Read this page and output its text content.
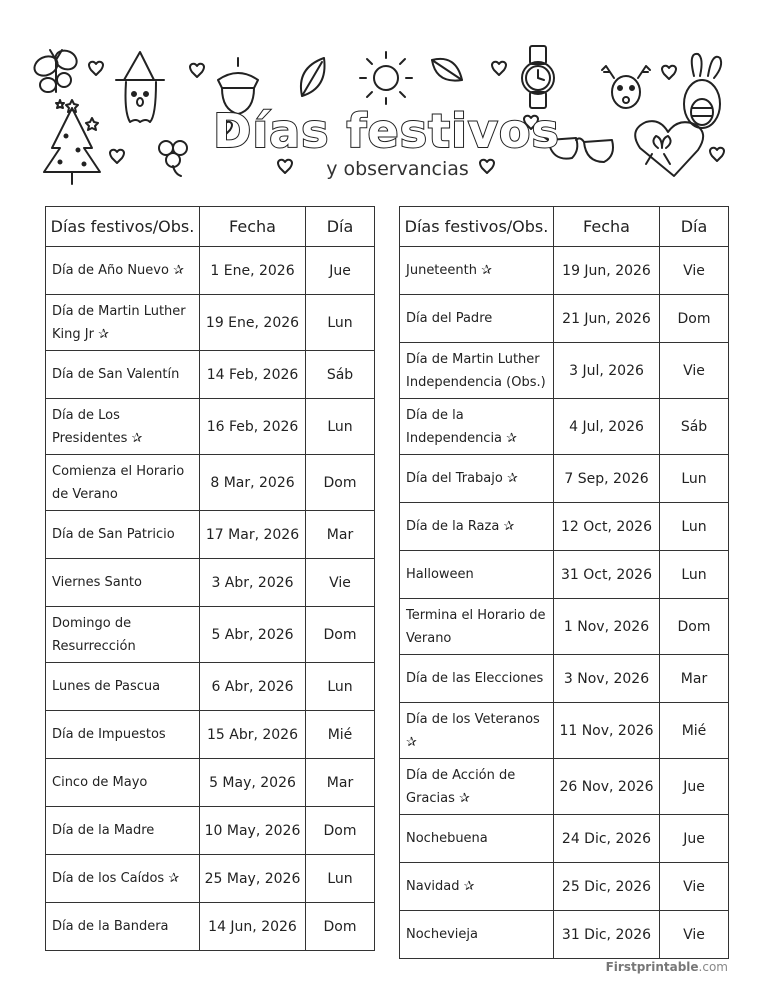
Días festivos
y observancias
Días festivos/Obs.	Fecha	Día
Día de Año Nuevo ✰	1 Ene, 2026	Jue
Día de Martin Luther King Jr ✰	19 Ene, 2026	Lun
Día de San Valentín	14 Feb, 2026	Sáb
Día de Los Presidentes ✰	16 Feb, 2026	Lun
Comienza el Horario de Verano	8 Mar, 2026	Dom
Día de San Patricio	17 Mar, 2026	Mar
Viernes Santo	3 Abr, 2026	Vie
Domingo de Resurrección	5 Abr, 2026	Dom
Lunes de Pascua	6 Abr, 2026	Lun
Día de Impuestos	15 Abr, 2026	Mié
Cinco de Mayo	5 May, 2026	Mar
Día de la Madre	10 May, 2026	Dom
Día de los Caídos ✰	25 May, 2026	Lun
Día de la Bandera	14 Jun, 2026	Dom
Días festivos/Obs.	Fecha	Día
Juneteenth ✰	19 Jun, 2026	Vie
Día del Padre	21 Jun, 2026	Dom
Día de Martin Luther Independencia (Obs.)	3 Jul, 2026	Vie
Día de la Independencia ✰	4 Jul, 2026	Sáb
Día del Trabajo ✰	7 Sep, 2026	Lun
Día de la Raza ✰	12 Oct, 2026	Lun
Halloween	31 Oct, 2026	Lun
Termina el Horario de Verano	1 Nov, 2026	Dom
Día de las Elecciones	3 Nov, 2026	Mar
Día de los Veteranos ✰	11 Nov, 2026	Mié
Día de Acción de Gracias ✰	26 Nov, 2026	Jue
Nochebuena	24 Dic, 2026	Jue
Navidad ✰	25 Dic, 2026	Vie
Nochevieja	31 Dic, 2026	Vie
Firstprintable.com
